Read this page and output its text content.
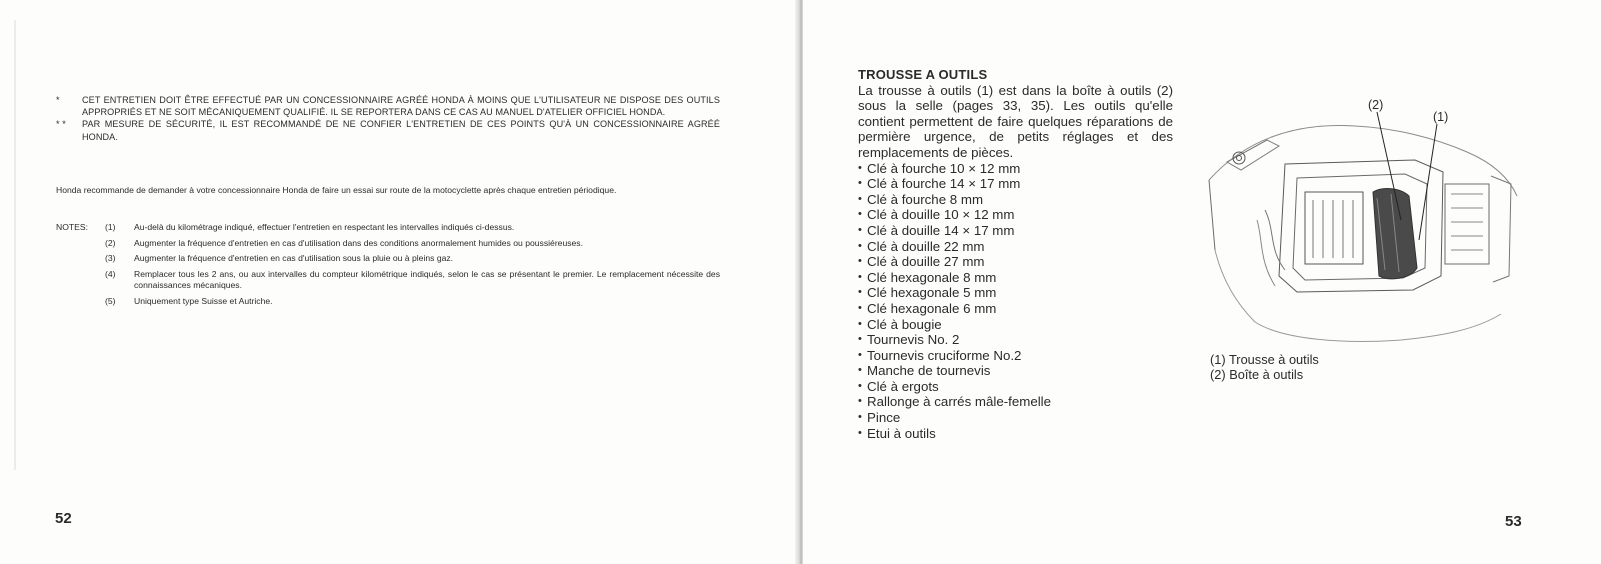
*	CET ENTRETIEN DOIT ÊTRE EFFECTUÉ PAR UN CONCESSIONNAIRE AGRÉÉ HONDA À MOINS QUE L'UTILISATEUR NE DISPOSE DES OUTILS APPROPRIÉS ET NE SOIT MÉCANIQUEMENT QUALIFIÉ. IL SE REPORTERA DANS CE CAS AU MANUEL D'ATELIER OFFICIEL HONDA.
* *	PAR MESURE DE SÉCURITÉ, IL EST RECOMMANDÉ DE NE CONFIER L'ENTRETIEN DE CES POINTS QU'À UN CONCESSIONNAIRE AGRÉÉ HONDA.
Honda recommande de demander à votre concessionnaire Honda de faire un essai sur route de la motocyclette après chaque entretien périodique.
NOTES: (1) Au-delà du kilométrage indiqué, effectuer l'entretien en respectant les intervalles indiqués ci-dessus.
(2) Augmenter la fréquence d'entretien en cas d'utilisation dans des conditions anormalement humides ou poussiéreuses.
(3) Augmenter la fréquence d'entretien en cas d'utilisation sous la pluie ou à pleins gaz.
(4) Remplacer tous les 2 ans, ou aux intervalles du compteur kilométrique indiqués, selon le cas se présentant le premier. Le remplacement nécessite des connaissances mécaniques.
(5) Uniquement type Suisse et Autriche.
52
TROUSSE A OUTILS
La trousse à outils (1) est dans la boîte à outils (2) sous la selle (pages 33, 35). Les outils qu'elle contient permettent de faire quelques réparations de permière urgence, de petits réglages et des remplacements de pièces.
• Clé à fourche 10 × 12 mm
• Clé à fourche 14 × 17 mm
• Clé à fourche 8 mm
• Clé à douille 10 × 12 mm
• Clé à douille 14 × 17 mm
• Clé à douille 22 mm
• Clé à douille 27 mm
• Clé hexagonale 8 mm
• Clé hexagonale 5 mm
• Clé hexagonale 6 mm
• Clé à bougie
• Tournevis No. 2
• Tournevis cruciforme No.2
• Manche de tournevis
• Clé à ergots
• Rallonge à carrés mâle-femelle
• Pince
• Etui à outils
(2)
(1)
(1) Trousse à outils
(2) Boîte à outils
53
